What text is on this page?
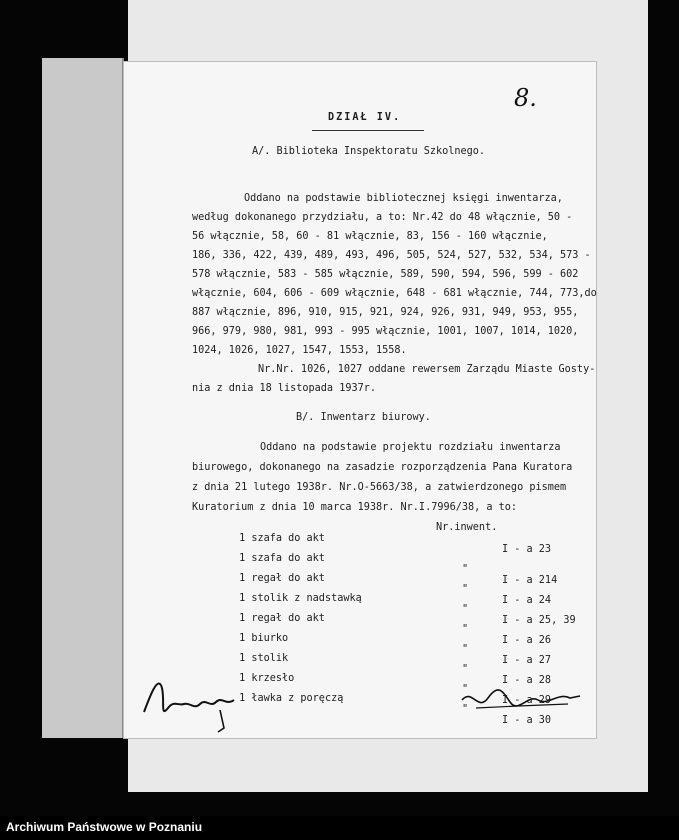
8.
DZIAŁ IV.
A/. Biblioteka Inspektoratu Szkolnego.
Oddano na podstawie bibliotecznej księgi inwentarza,
według dokonanego przydziału, a to: Nr.42 do 48 włącznie, 50 -
56 włącznie, 58, 60 - 81 włącznie, 83, 156 - 160 włącznie,
186, 336, 422, 439, 489, 493, 496, 505, 524, 527, 532, 534, 573 -
578 włącznie, 583 - 585 włącznie, 589, 590, 594, 596, 599 - 602
włącznie, 604, 606 - 609 włącznie, 648 - 681 włącznie, 744, 773,do
887 włącznie, 896, 910, 915, 921, 924, 926, 931, 949, 953, 955,
966, 979, 980, 981, 993 - 995 włącznie, 1001, 1007, 1014, 1020,
1024, 1026, 1027, 1547, 1553, 1558.
Nr.Nr. 1026, 1027 oddane rewersem Zarządu Miaste Gosty-
nia z dnia 18 listopada 1937r.
B/. Inwentarz biurowy.
Oddano na podstawie projektu rozdziału inwentarza
biurowego, dokonanego na zasadzie rozporządzenia Pana Kuratora
z dnia 21 lutego 1938r. Nr.O-5663/38, a zatwierdzonego pismem
Kuratorium z dnia 10 marca 1938r. Nr.I.7996/38, a to:
Nr.inwent.

1 szafa do akt

I - a 23

1 szafa do akt

"

I - a 214

1 regał do akt

"

I - a 24

1 stolik z nadstawką

"

I - a 25, 39

1 regał do akt

"

I - a 26

1 biurko

"

I - a 27

1 stolik

"

I - a 28

1 krzesło

"

I - a 29

1 ławka z poręczą

"

I - a 30

Archiwum Państwowe w Poznaniu
